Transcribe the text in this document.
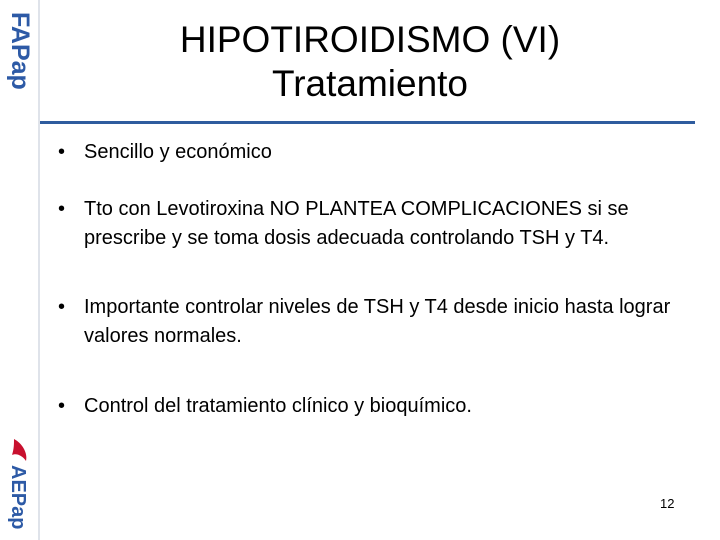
FAPap
AEPap
HIPOTIROIDISMO (VI)
Tratamiento
• Sencillo y económico
• Tto con Levotiroxina NO PLANTEA COMPLICACIONES si se prescribe y se toma dosis adecuada controlando TSH y T4.
• Importante controlar niveles de TSH y T4 desde inicio hasta lograr valores normales.
• Control del tratamiento clínico y bioquímico.
12
